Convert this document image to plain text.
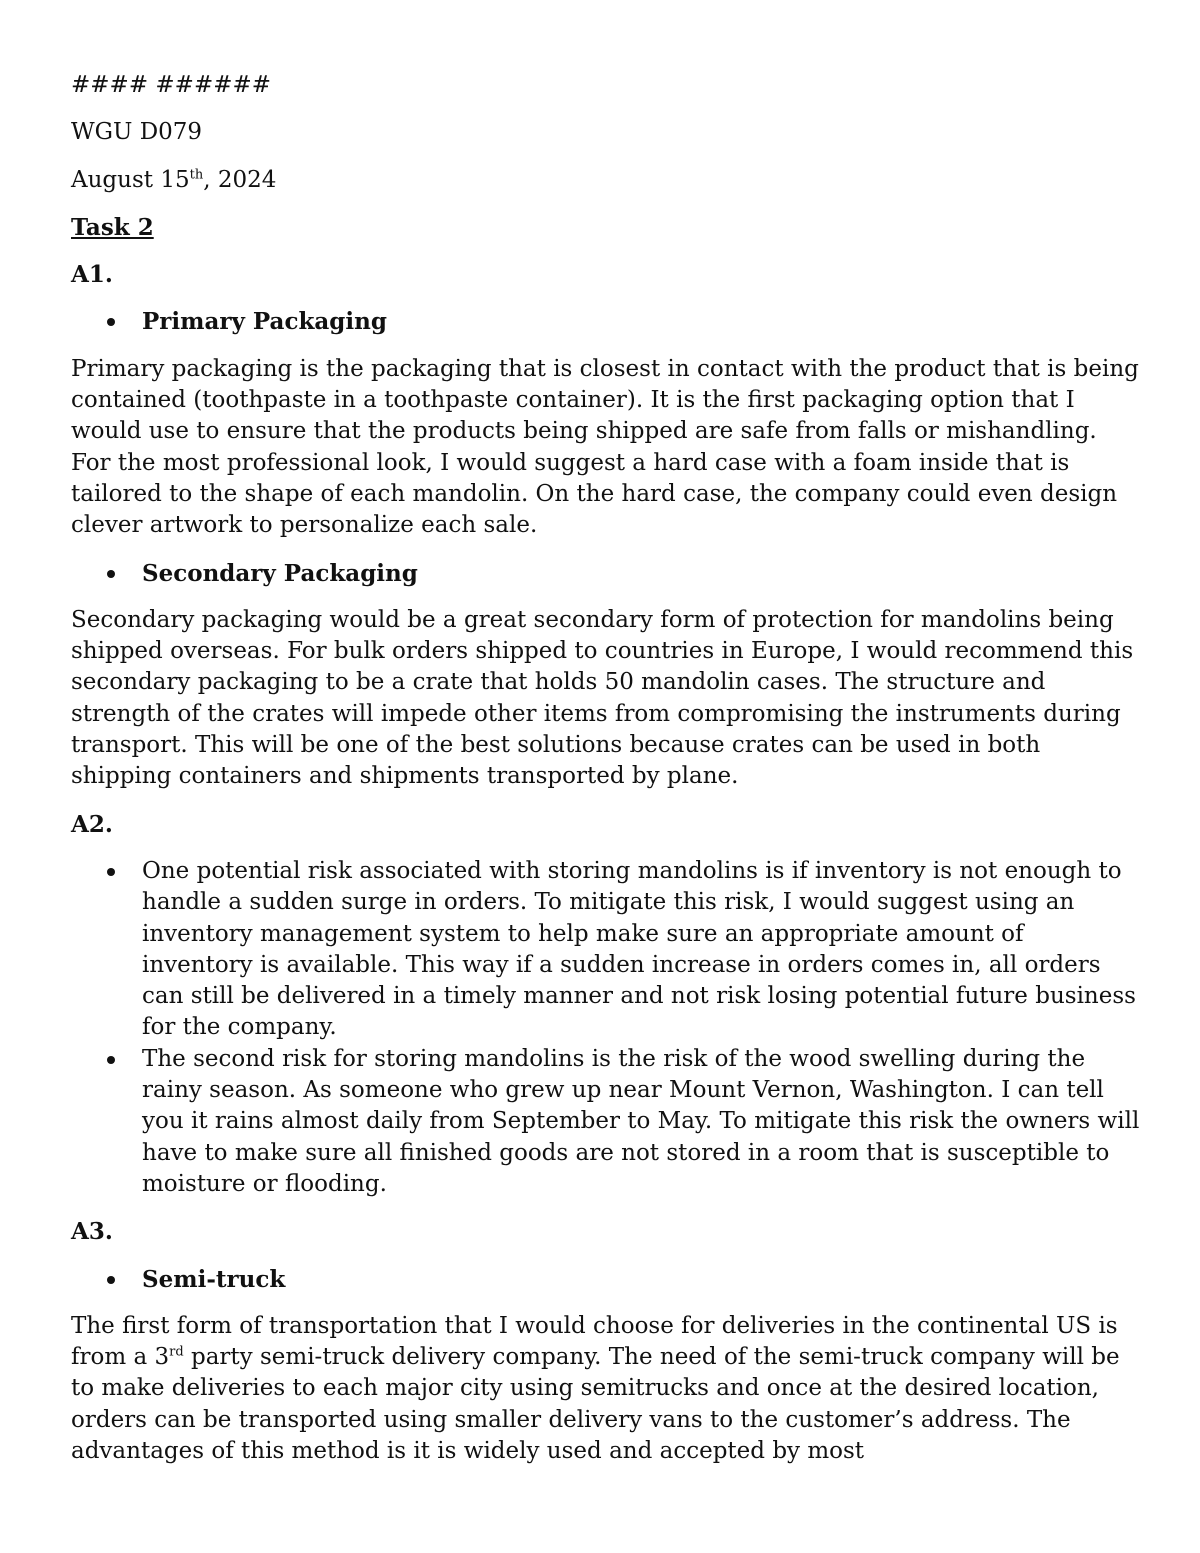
#### ######
WGU D079
August 15th, 2024
Task 2
A1.
Primary Packaging
Primary packaging is the packaging that is closest in contact with the product that is being contained (toothpaste in a toothpaste container). It is the first packaging option that I would use to ensure that the products being shipped are safe from falls or mishandling. For the most professional look, I would suggest a hard case with a foam inside that is tailored to the shape of each mandolin. On the hard case, the company could even design clever artwork to personalize each sale.
Secondary Packaging
Secondary packaging would be a great secondary form of protection for mandolins being shipped overseas. For bulk orders shipped to countries in Europe, I would recommend this secondary packaging to be a crate that holds 50 mandolin cases. The structure and strength of the crates will impede other items from compromising the instruments during transport. This will be one of the best solutions because crates can be used in both shipping containers and shipments transported by plane.
A2.
One potential risk associated with storing mandolins is if inventory is not enough to handle a sudden surge in orders. To mitigate this risk, I would suggest using an inventory management system to help make sure an appropriate amount of inventory is available. This way if a sudden increase in orders comes in, all orders can still be delivered in a timely manner and not risk losing potential future business for the company.
The second risk for storing mandolins is the risk of the wood swelling during the rainy season. As someone who grew up near Mount Vernon, Washington. I can tell you it rains almost daily from September to May. To mitigate this risk the owners will have to make sure all finished goods are not stored in a room that is susceptible to moisture or flooding.
A3.
Semi-truck
The first form of transportation that I would choose for deliveries in the continental US is from a 3rd party semi-truck delivery company. The need of the semi-truck company will be to make deliveries to each major city using semitrucks and once at the desired location, orders can be transported using smaller delivery vans to the customer’s address. The advantages of this method is it is widely used and accepted by most
